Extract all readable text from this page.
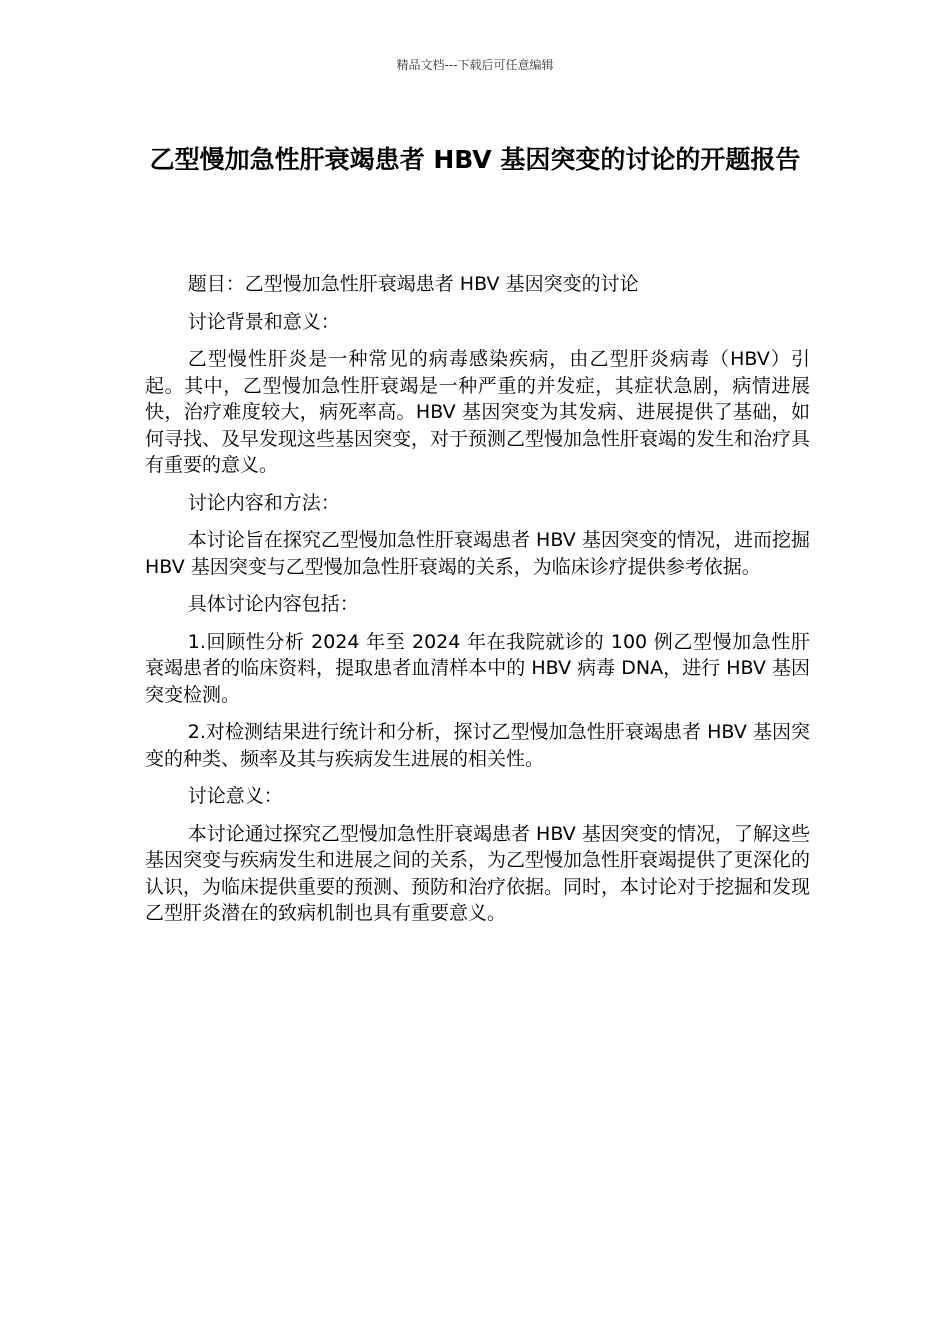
精品文档---下载后可任意编辑
乙型慢加急性肝衰竭患者 HBV 基因突变的讨论的开题报告

题目：乙型慢加急性肝衰竭患者 HBV 基因突变的讨论

讨论背景和意义：

乙型慢性肝炎是一种常见的病毒感染疾病，由乙型肝炎病毒（HBV）引起。其中，乙型慢加急性肝衰竭是一种严重的并发症，其症状急剧，病情进展快，治疗难度较大，病死率高。HBV 基因突变为其发病、进展提供了基础，如何寻找、及早发现这些基因突变，对于预测乙型慢加急性肝衰竭的发生和治疗具有重要的意义。

讨论内容和方法：

本讨论旨在探究乙型慢加急性肝衰竭患者 HBV 基因突变的情况，进而挖掘 HBV 基因突变与乙型慢加急性肝衰竭的关系，为临床诊疗提供参考依据。

具体讨论内容包括：

1.回顾性分析 2024 年至 2024 年在我院就诊的 100 例乙型慢加急性肝衰竭患者的临床资料，提取患者血清样本中的 HBV 病毒 DNA，进行 HBV 基因突变检测。

2.对检测结果进行统计和分析，探讨乙型慢加急性肝衰竭患者 HBV 基因突变的种类、频率及其与疾病发生进展的相关性。

讨论意义：

本讨论通过探究乙型慢加急性肝衰竭患者 HBV 基因突变的情况，了解这些基因突变与疾病发生和进展之间的关系，为乙型慢加急性肝衰竭提供了更深化的认识，为临床提供重要的预测、预防和治疗依据。同时，本讨论对于挖掘和发现乙型肝炎潜在的致病机制也具有重要意义。
